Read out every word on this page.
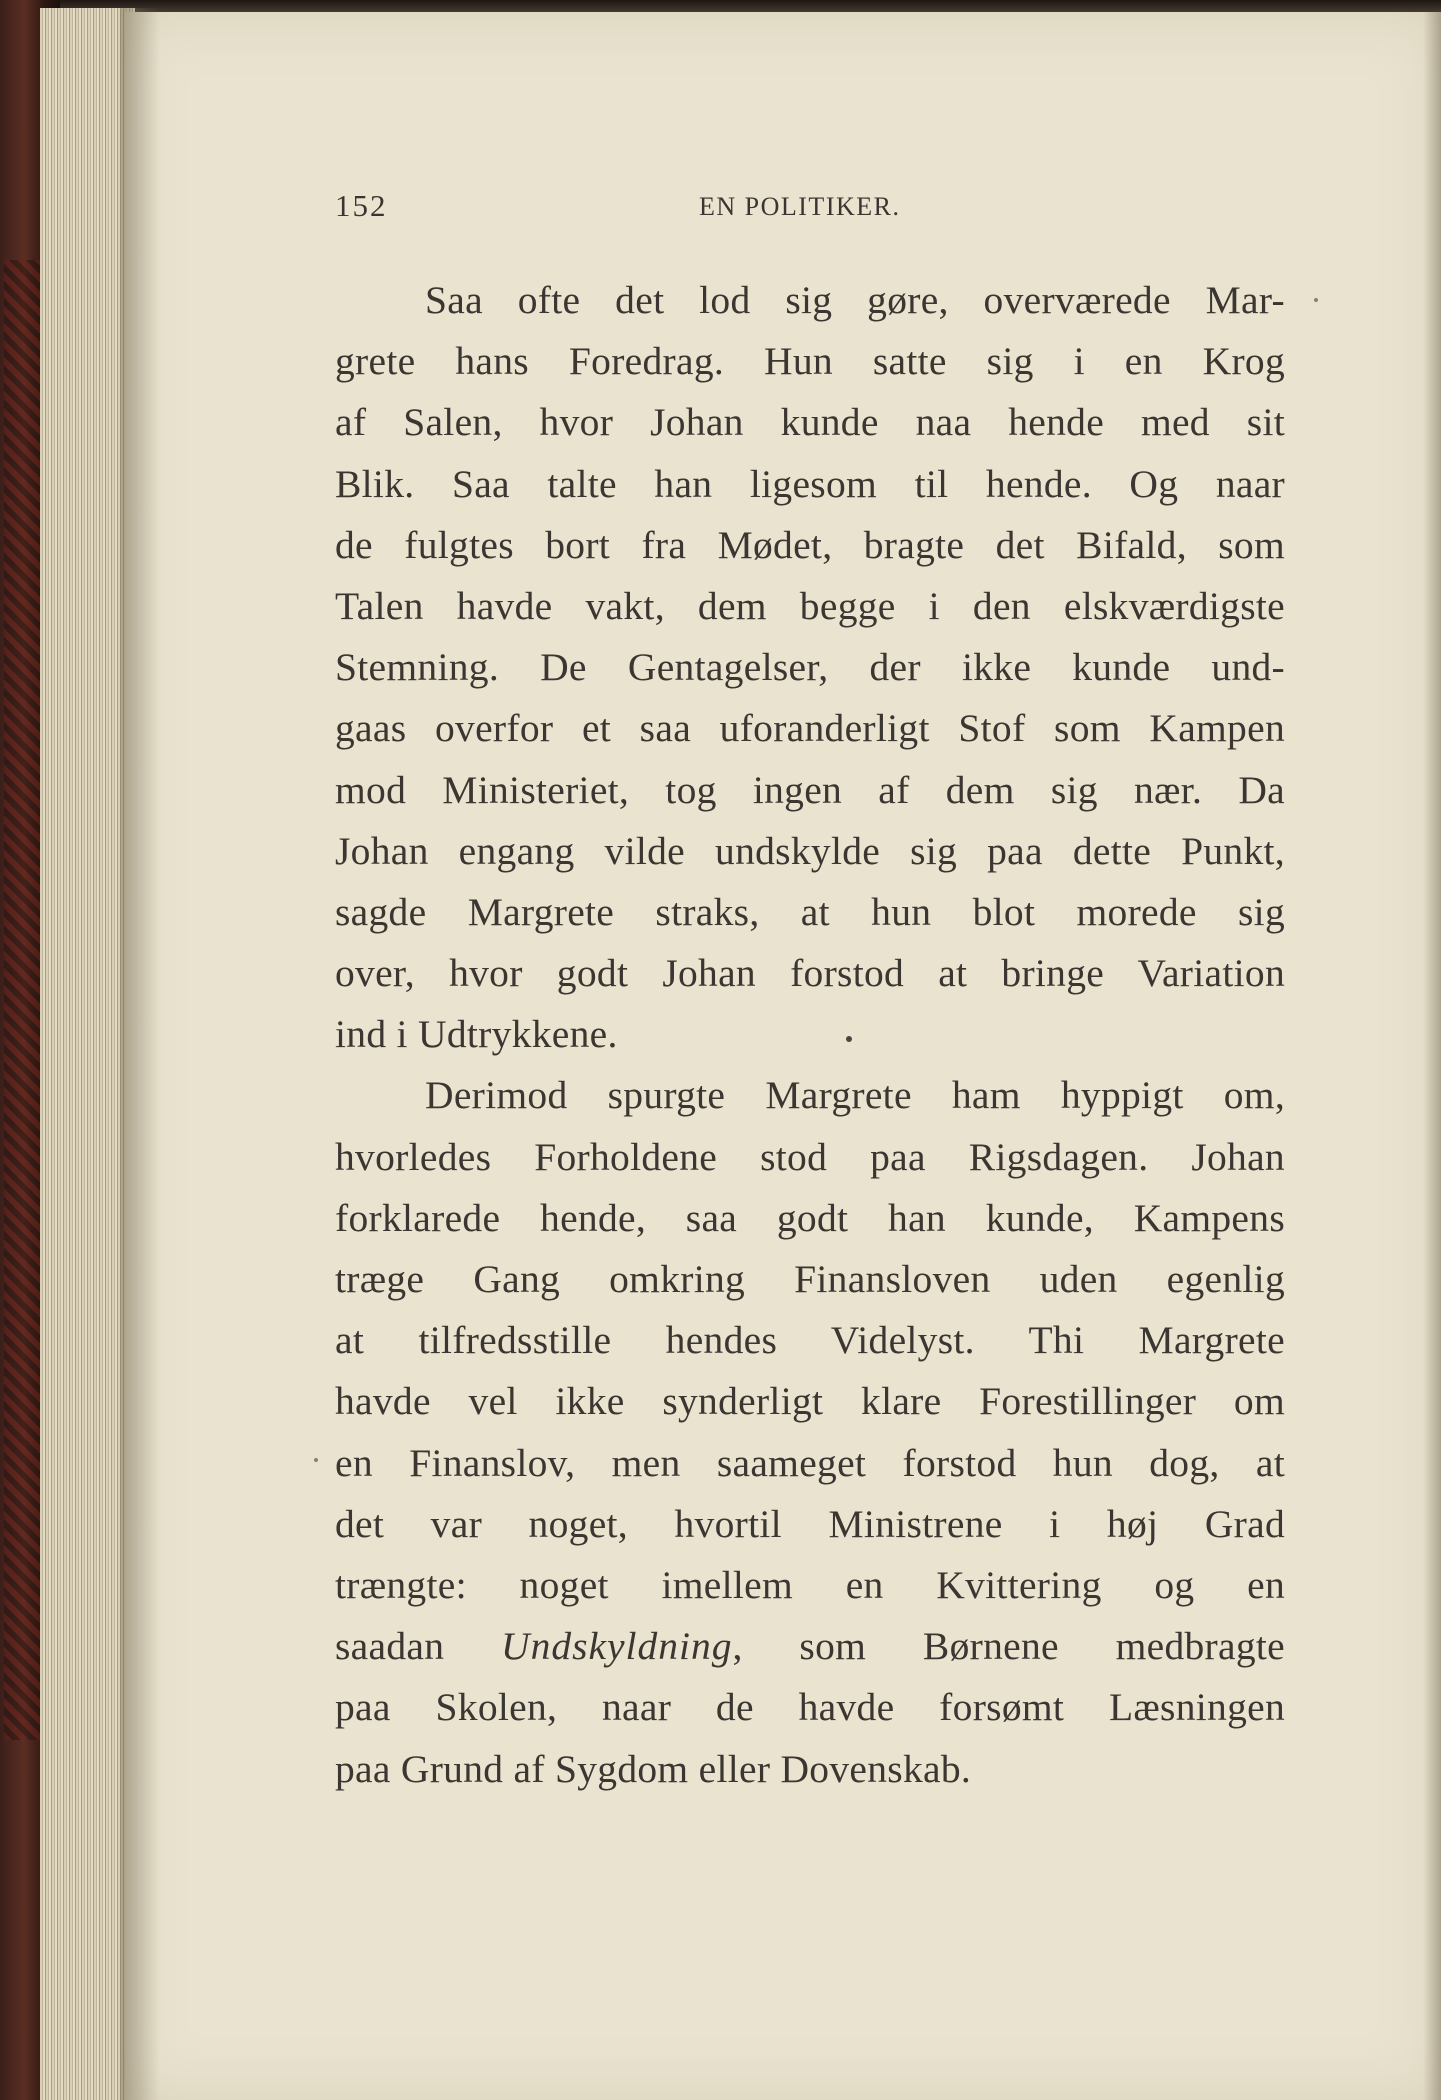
152	EN POLITIKER.
Saa ofte det lod sig gøre, overværede Mar-
grete hans Foredrag. Hun satte sig i en Krog
af Salen, hvor Johan kunde naa hende med sit
Blik. Saa talte han ligesom til hende. Og naar
de fulgtes bort fra Mødet, bragte det Bifald, som
Talen havde vakt, dem begge i den elskværdigste
Stemning. De Gentagelser, der ikke kunde und-
gaas overfor et saa uforanderligt Stof som Kampen
mod Ministeriet, tog ingen af dem sig nær. Da
Johan engang vilde undskylde sig paa dette Punkt,
sagde Margrete straks, at hun blot morede sig
over, hvor godt Johan forstod at bringe Variation
ind i Udtrykkene.
Derimod spurgte Margrete ham hyppigt om,
hvorledes Forholdene stod paa Rigsdagen. Johan
forklarede hende, saa godt han kunde, Kampens
træge Gang omkring Finansloven uden egenlig
at tilfredsstille hendes Videlyst. Thi Margrete
havde vel ikke synderligt klare Forestillinger om
en Finanslov, men saameget forstod hun dog, at
det var noget, hvortil Ministrene i høj Grad
trængte: noget imellem en Kvittering og en
saadan Undskyldning, som Børnene medbragte
paa Skolen, naar de havde forsømt Læsningen
paa Grund af Sygdom eller Dovenskab.
